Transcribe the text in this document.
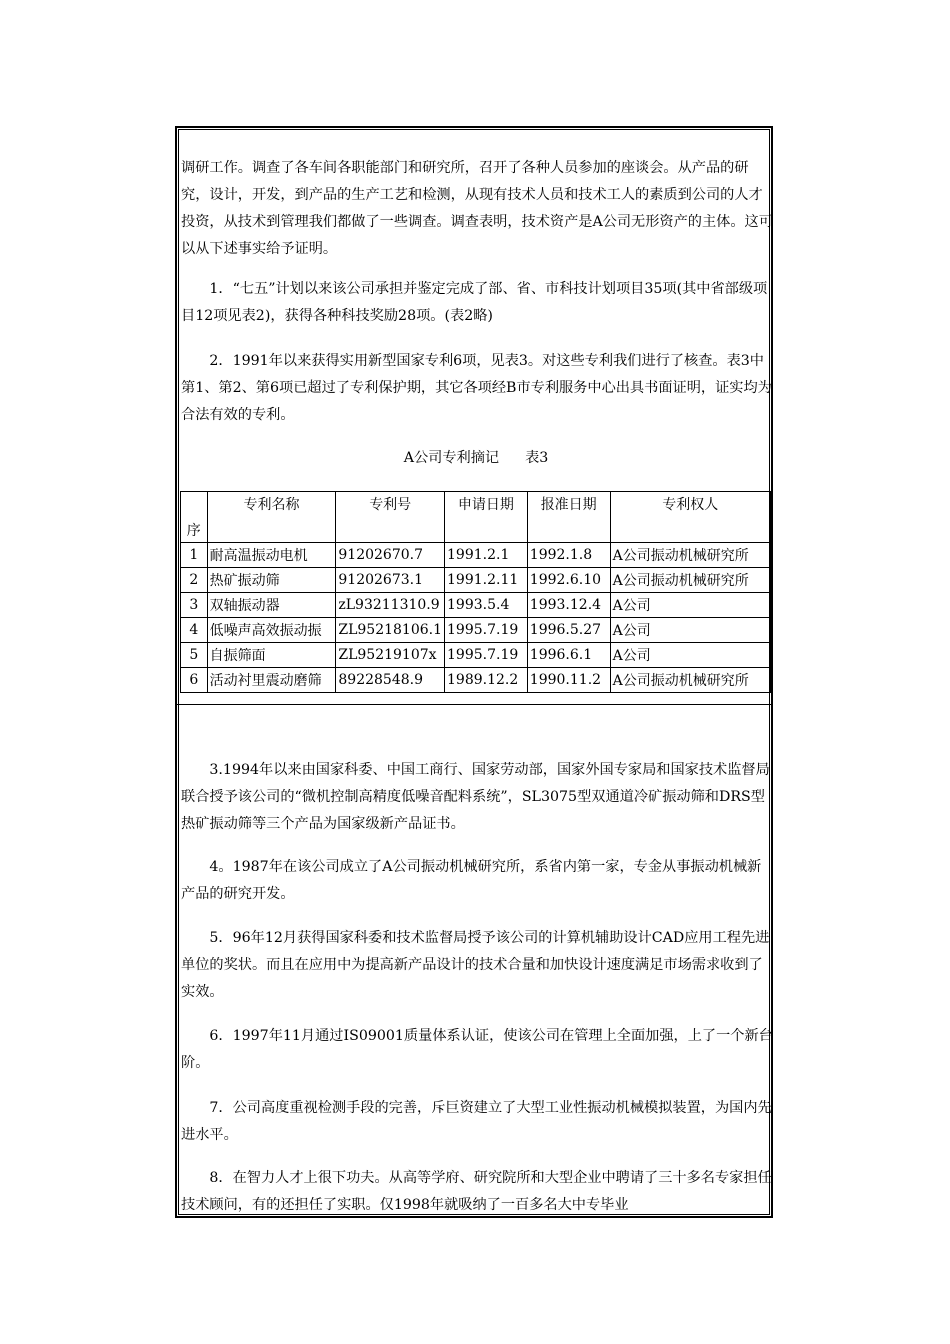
调研工作。调查了各车间各职能部门和研究所，召开了各种人员参加的座谈会。从产品的研究，设计，开发，到产品的生产工艺和检测，从现有技术人员和技术工人的素质到公司的人才投资，从技术到管理我们都做了一些调查。调查表明，技术资产是A公司无形资产的主体。这可以从下述事实给予证明。

　　1．“七五”计划以来该公司承担并鉴定完成了部、省、市科技计划项目35项(其中省部级项目12项见表2)，获得各种科技奖励28项。(表2略)

　　2．1991年以来获得实用新型国家专利6项，见表3。对这些专利我们进行了核查。表3中第1、第2、第6项已超过了专利保护期，其它各项经B市专利服务中心出具书面证明，证实均为合法有效的专利。

A公司专利摘记 表3
序	专利名称	专利号	申请日期	报准日期	专利权人
1	耐高温振动电机	91202670.7	1991.2.1	1992.1.8	A公司振动机械研究所
2	热矿振动筛	91202673.1	1991.2.11	1992.6.10	A公司振动机械研究所
3	双轴振动器	zL93211310.9	1993.5.4	1993.12.4	A公司
4	低噪声高效振动振	ZL95218106.1	1995.7.19	1996.5.27	A公司
5	自振筛面	ZL95219107x	1995.7.19	1996.6.1	A公司
6	活动衬里震动磨筛	89228548.9	1989.12.2	1990.11.2	A公司振动机械研究所

　　3.1994年以来由国家科委、中国工商行、国家劳动部，国家外国专家局和国家技术监督局联合授予该公司的“微机控制高精度低噪音配料系统”，SL3075型双通道冷矿振动筛和DRS型热矿振动筛等三个产品为国家级新产品证书。

　　4。1987年在该公司成立了A公司振动机械研究所，系省内第一家，专金从事振动机械新产品的研究开发。

　　5．96年12月获得国家科委和技术监督局授予该公司的计算机辅助设计CAD应用工程先进单位的奖状。而且在应用中为提高新产品设计的技术合量和加快设计速度满足市场需求收到了实效。

　　6．1997年11月通过IS09001质量体系认证，使该公司在管理上全面加强，上了一个新台阶。

　　7．公司高度重视检测手段的完善，斥巨资建立了大型工业性振动机械模拟装置，为国内先进水平。

　　8．在智力人才上很下功夫。从高等学府、研究院所和大型企业中聘请了三十多名专家担任技术顾问，有的还担任了实职。仅1998年就吸纳了一百多名大中专毕业
